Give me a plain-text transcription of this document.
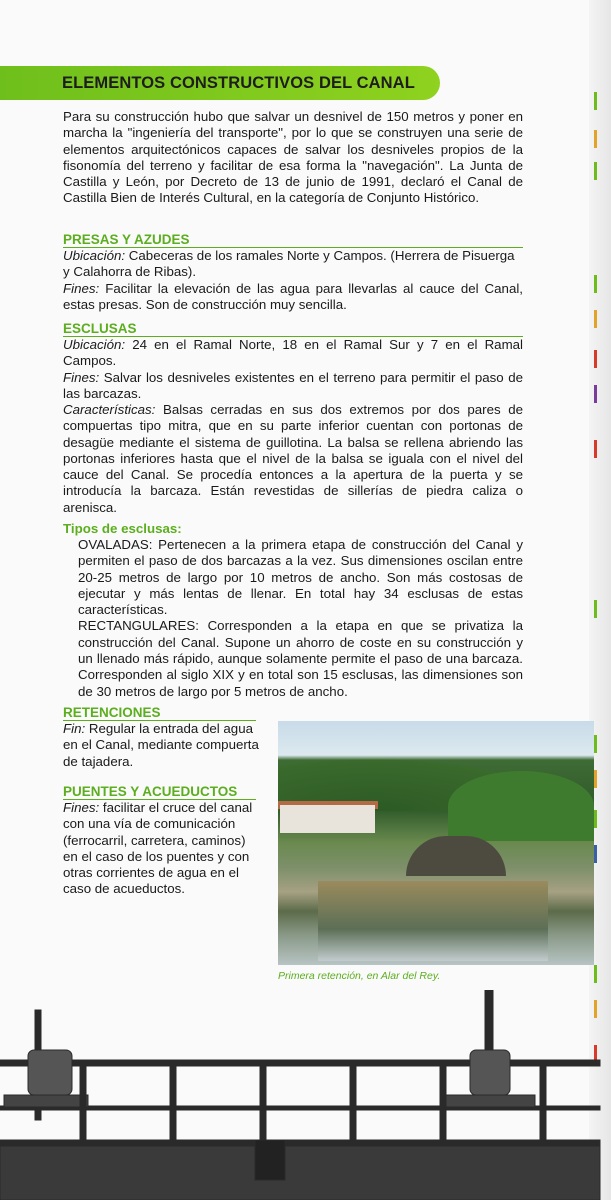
ELEMENTOS CONSTRUCTIVOS DEL CANAL
Para su construcción hubo que salvar un desnivel de 150 metros y poner en marcha la "ingeniería del transporte", por lo que se construyen una serie de elementos arquitectónicos capaces de salvar los desniveles propios de la fisonomía del terreno y facilitar de esa forma la "navegación". La Junta de Castilla y León, por Decreto de 13 de junio de 1991, declaró el Canal de Castilla Bien de Interés Cultural, en la categoría de Conjunto Histórico.
PRESAS Y AZUDES
Ubicación: Cabeceras de los ramales Norte y Campos. (Herrera de Pisuerga y Calahorra de Ribas).
Fines: Facilitar la elevación de las agua para llevarlas al cauce del Canal, estas presas. Son de construcción muy sencilla.
ESCLUSAS
Ubicación: 24 en el Ramal Norte, 18 en el Ramal Sur y 7 en el Ramal Campos.
Fines: Salvar los desniveles existentes en el terreno para permitir el paso de las barcazas.
Características: Balsas cerradas en sus dos extremos por dos pares de compuertas tipo mitra, que en su parte inferior cuentan con portonas de desagüe mediante el sistema de guillotina. La balsa se rellena abriendo las portonas inferiores hasta que el nivel de la balsa se iguala con el nivel del cauce del Canal. Se procedía entonces a la apertura de la puerta y se introducía la barcaza. Están revestidas de sillerías de piedra caliza o arenisca.
Tipos de esclusas:
OVALADAS: Pertenecen a la primera etapa de construcción del Canal y permiten el paso de dos barcazas a la vez. Sus dimensiones oscilan entre 20-25 metros de largo por 10 metros de ancho. Son más costosas de ejecutar y más lentas de llenar. En total hay 34 esclusas de estas características.
RECTANGULARES: Corresponden a la etapa en que se privatiza la construcción del Canal. Supone un ahorro de coste en su construcción y un llenado más rápido, aunque solamente permite el paso de una barcaza. Corresponden al siglo XIX y en total son 15 esclusas, las dimensiones son de 30 metros de largo por 5 metros de ancho.
RETENCIONES
Fin: Regular la entrada del agua en el Canal, mediante compuerta de tajadera.
PUENTES Y ACUEDUCTOS
Fines: facilitar el cruce del canal con una vía de comunicación (ferrocarril, carretera, caminos) en el caso de los puentes y con otras corrientes de agua en el caso de acueductos.
Primera retención, en Alar del Rey.
